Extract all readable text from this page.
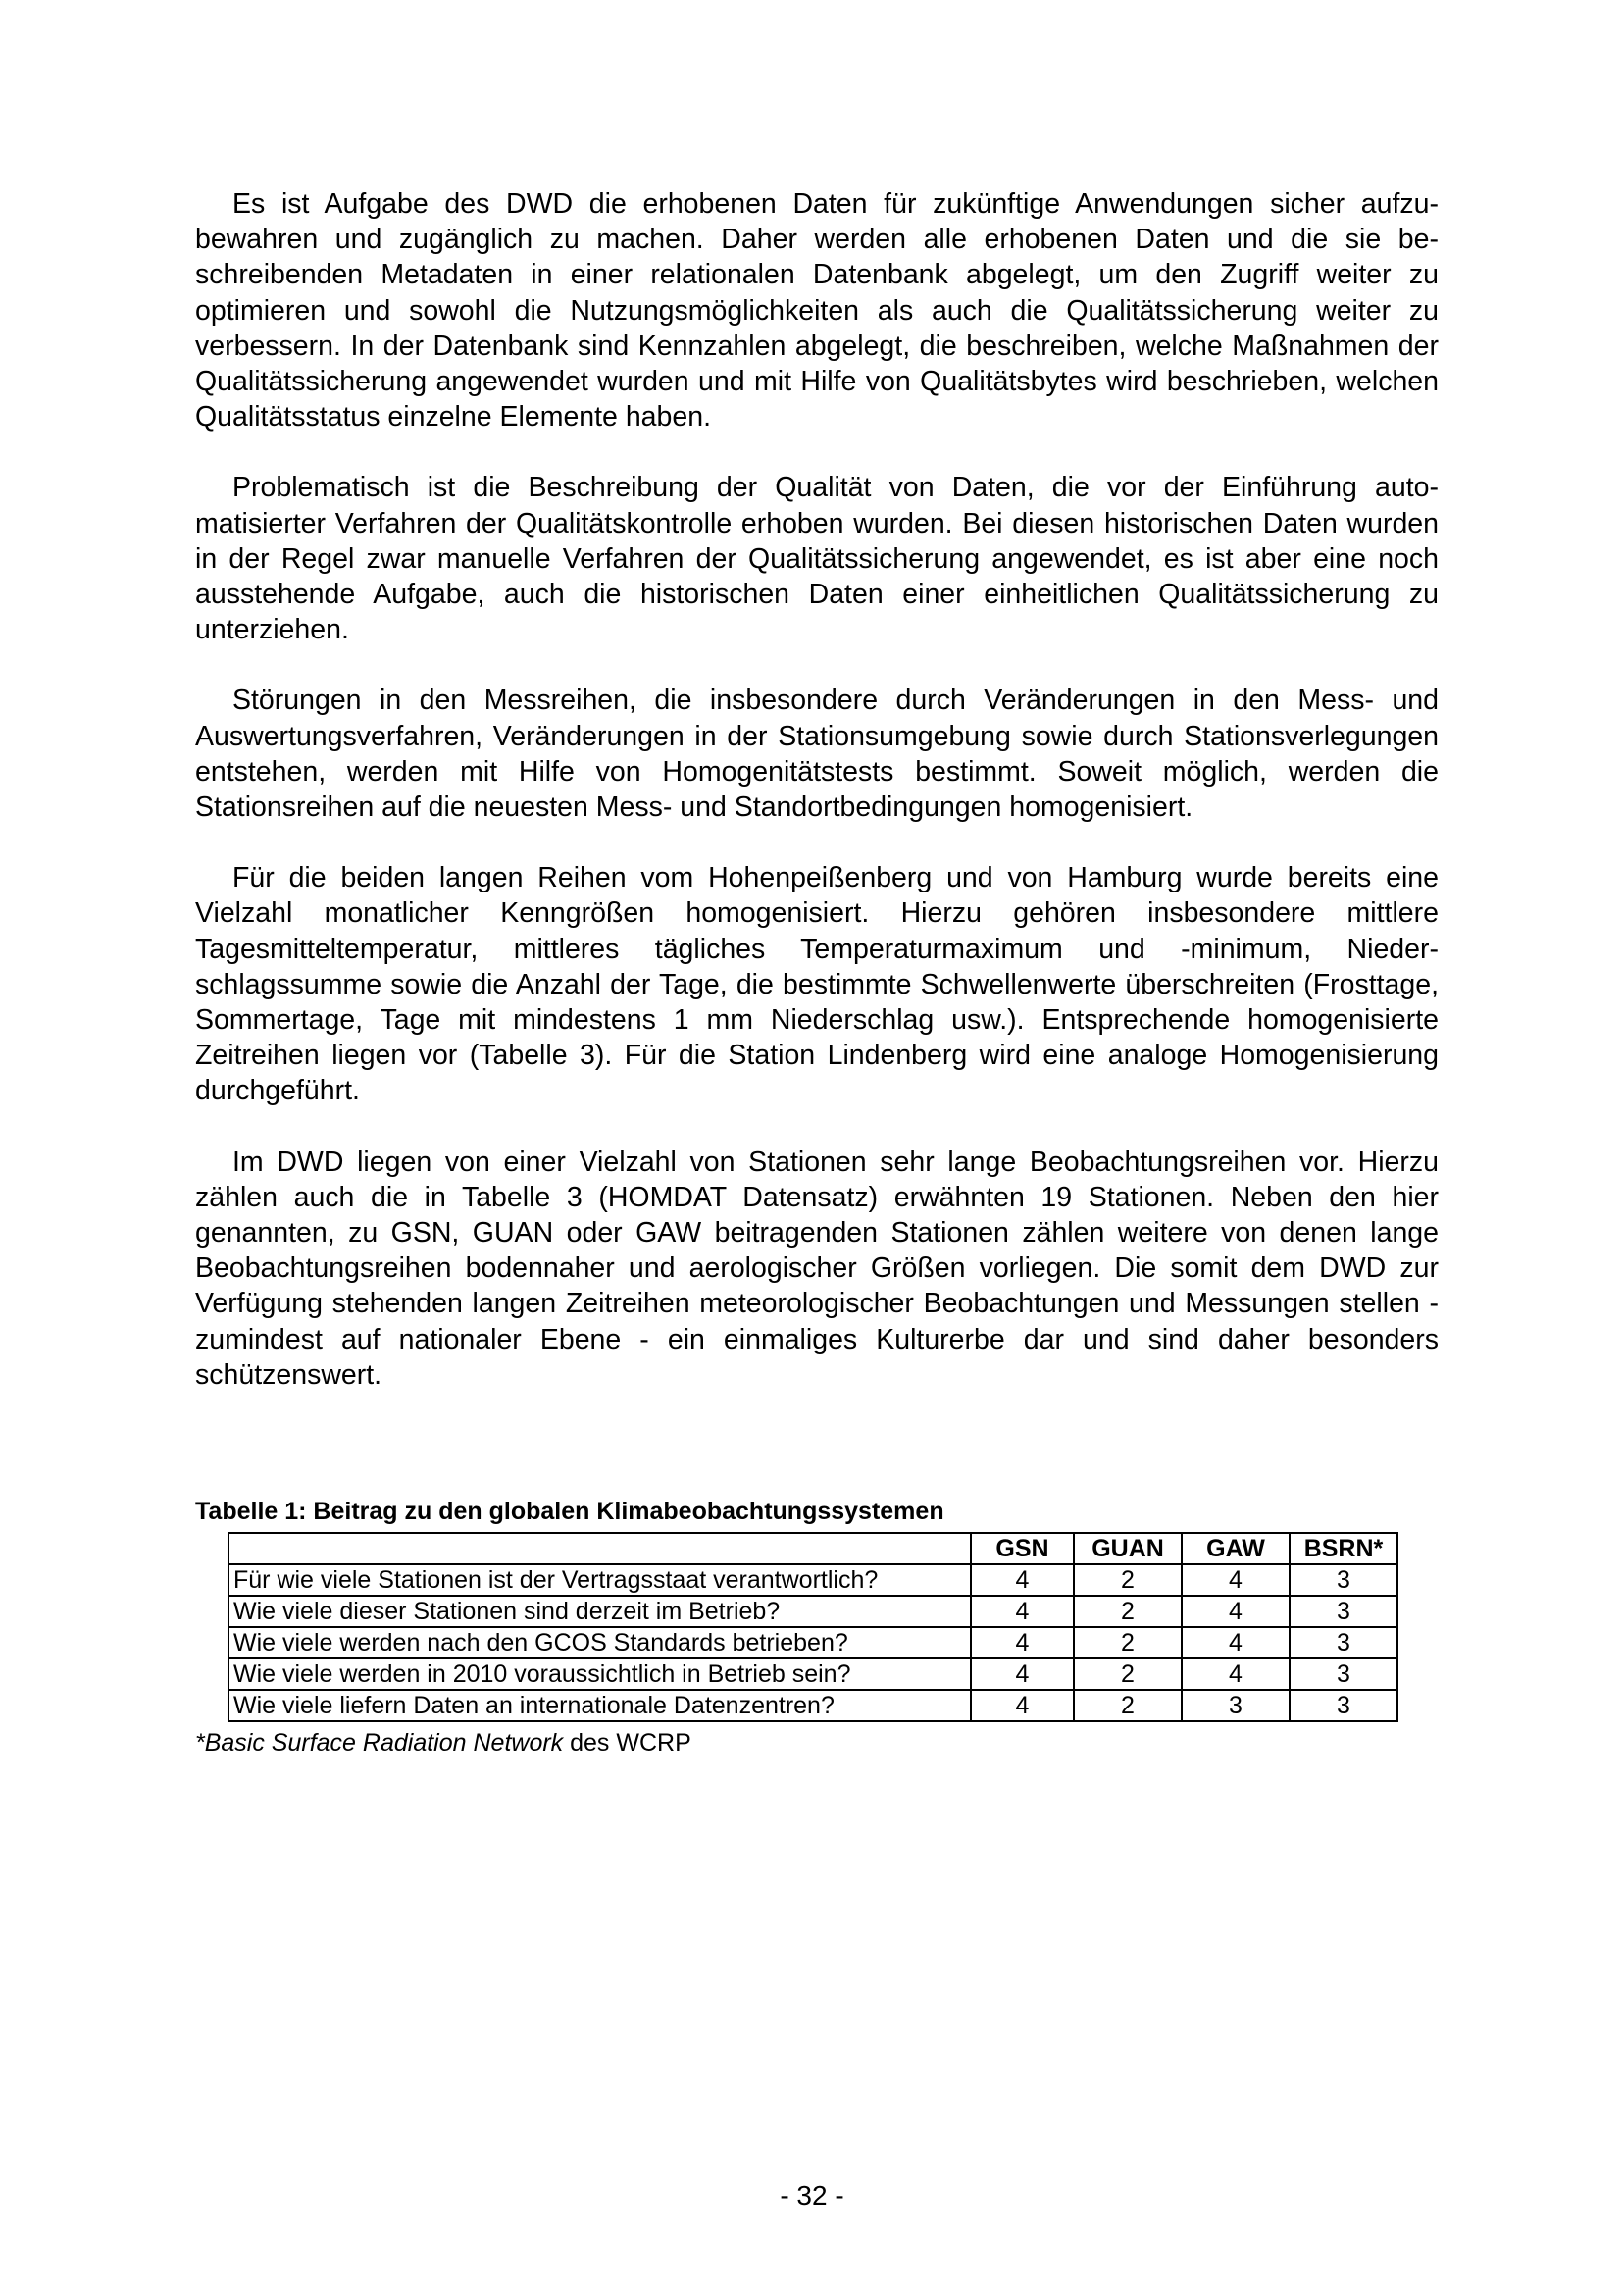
Es ist Aufgabe des DWD die erhobenen Daten für zukünftige Anwendungen sicher aufzubewahren und zugänglich zu machen. Daher werden alle erhobenen Daten und die sie beschreibenden Metadaten in einer relationalen Datenbank abgelegt, um den Zugriff weiter zu optimieren und sowohl die Nutzungsmöglichkeiten als auch die Qualitätssicherung weiter zu verbessern. In der Datenbank sind Kennzahlen abgelegt, die beschreiben, welche Maßnahmen der Qualitätssicherung angewendet wurden und mit Hilfe von Qualitätsbytes wird beschrieben, welchen Qualitätsstatus einzelne Elemente haben.

Problematisch ist die Beschreibung der Qualität von Daten, die vor der Einführung automatisierter Verfahren der Qualitätskontrolle erhoben wurden. Bei diesen historischen Daten wurden in der Regel zwar manuelle Verfahren der Qualitätssicherung angewendet, es ist aber eine noch ausstehende Aufgabe, auch die historischen Daten einer einheitlichen Qualitätssicherung zu unterziehen.

Störungen in den Messreihen, die insbesondere durch Veränderungen in den Mess- und Auswertungsverfahren, Veränderungen in der Stationsumgebung sowie durch Stationsverlegungen entstehen, werden mit Hilfe von Homogenitätstests bestimmt. Soweit möglich, werden die Stationsreihen auf die neuesten Mess- und Standortbedingungen homogenisiert.

Für die beiden langen Reihen vom Hohenpeißenberg und von Hamburg wurde bereits eine Vielzahl monatlicher Kenngrößen homogenisiert. Hierzu gehören insbesondere mittlere Tagesmitteltemperatur, mittleres tägliches Temperaturmaximum und -minimum, Niederschlagssumme sowie die Anzahl der Tage, die bestimmte Schwellenwerte überschreiten (Frosttage, Sommertage, Tage mit mindestens 1 mm Niederschlag usw.). Entsprechende homogenisierte Zeitreihen liegen vor (Tabelle 3). Für die Station Lindenberg wird eine analoge Homogenisierung durchgeführt.

Im DWD liegen von einer Vielzahl von Stationen sehr lange Beobachtungsreihen vor. Hierzu zählen auch die in Tabelle 3 (HOMDAT Datensatz) erwähnten 19 Stationen. Neben den hier genannten, zu GSN, GUAN oder GAW beitragenden Stationen zählen weitere von denen lange Beobachtungsreihen bodennaher und aerologischer Größen vorliegen. Die somit dem DWD zur Verfügung stehenden langen Zeitreihen meteorologischer Beobachtungen und Messungen stellen - zumindest auf nationaler Ebene - ein einmaliges Kulturerbe dar und sind daher besonders schützenswert.

Tabelle 1: Beitrag zu den globalen Klimabeobachtungssystemen
	GSN	GUAN	GAW	BSRN*
Für wie viele Stationen ist der Vertragsstaat verantwortlich?	4	2	4	3
Wie viele dieser Stationen sind derzeit im Betrieb?	4	2	4	3
Wie viele werden nach den GCOS Standards betrieben?	4	2	4	3
Wie viele werden in 2010 voraussichtlich in Betrieb sein?	4	2	4	3
Wie viele liefern Daten an internationale Datenzentren?	4	2	3	3
*Basic Surface Radiation Network des WCRP
- 32 -
